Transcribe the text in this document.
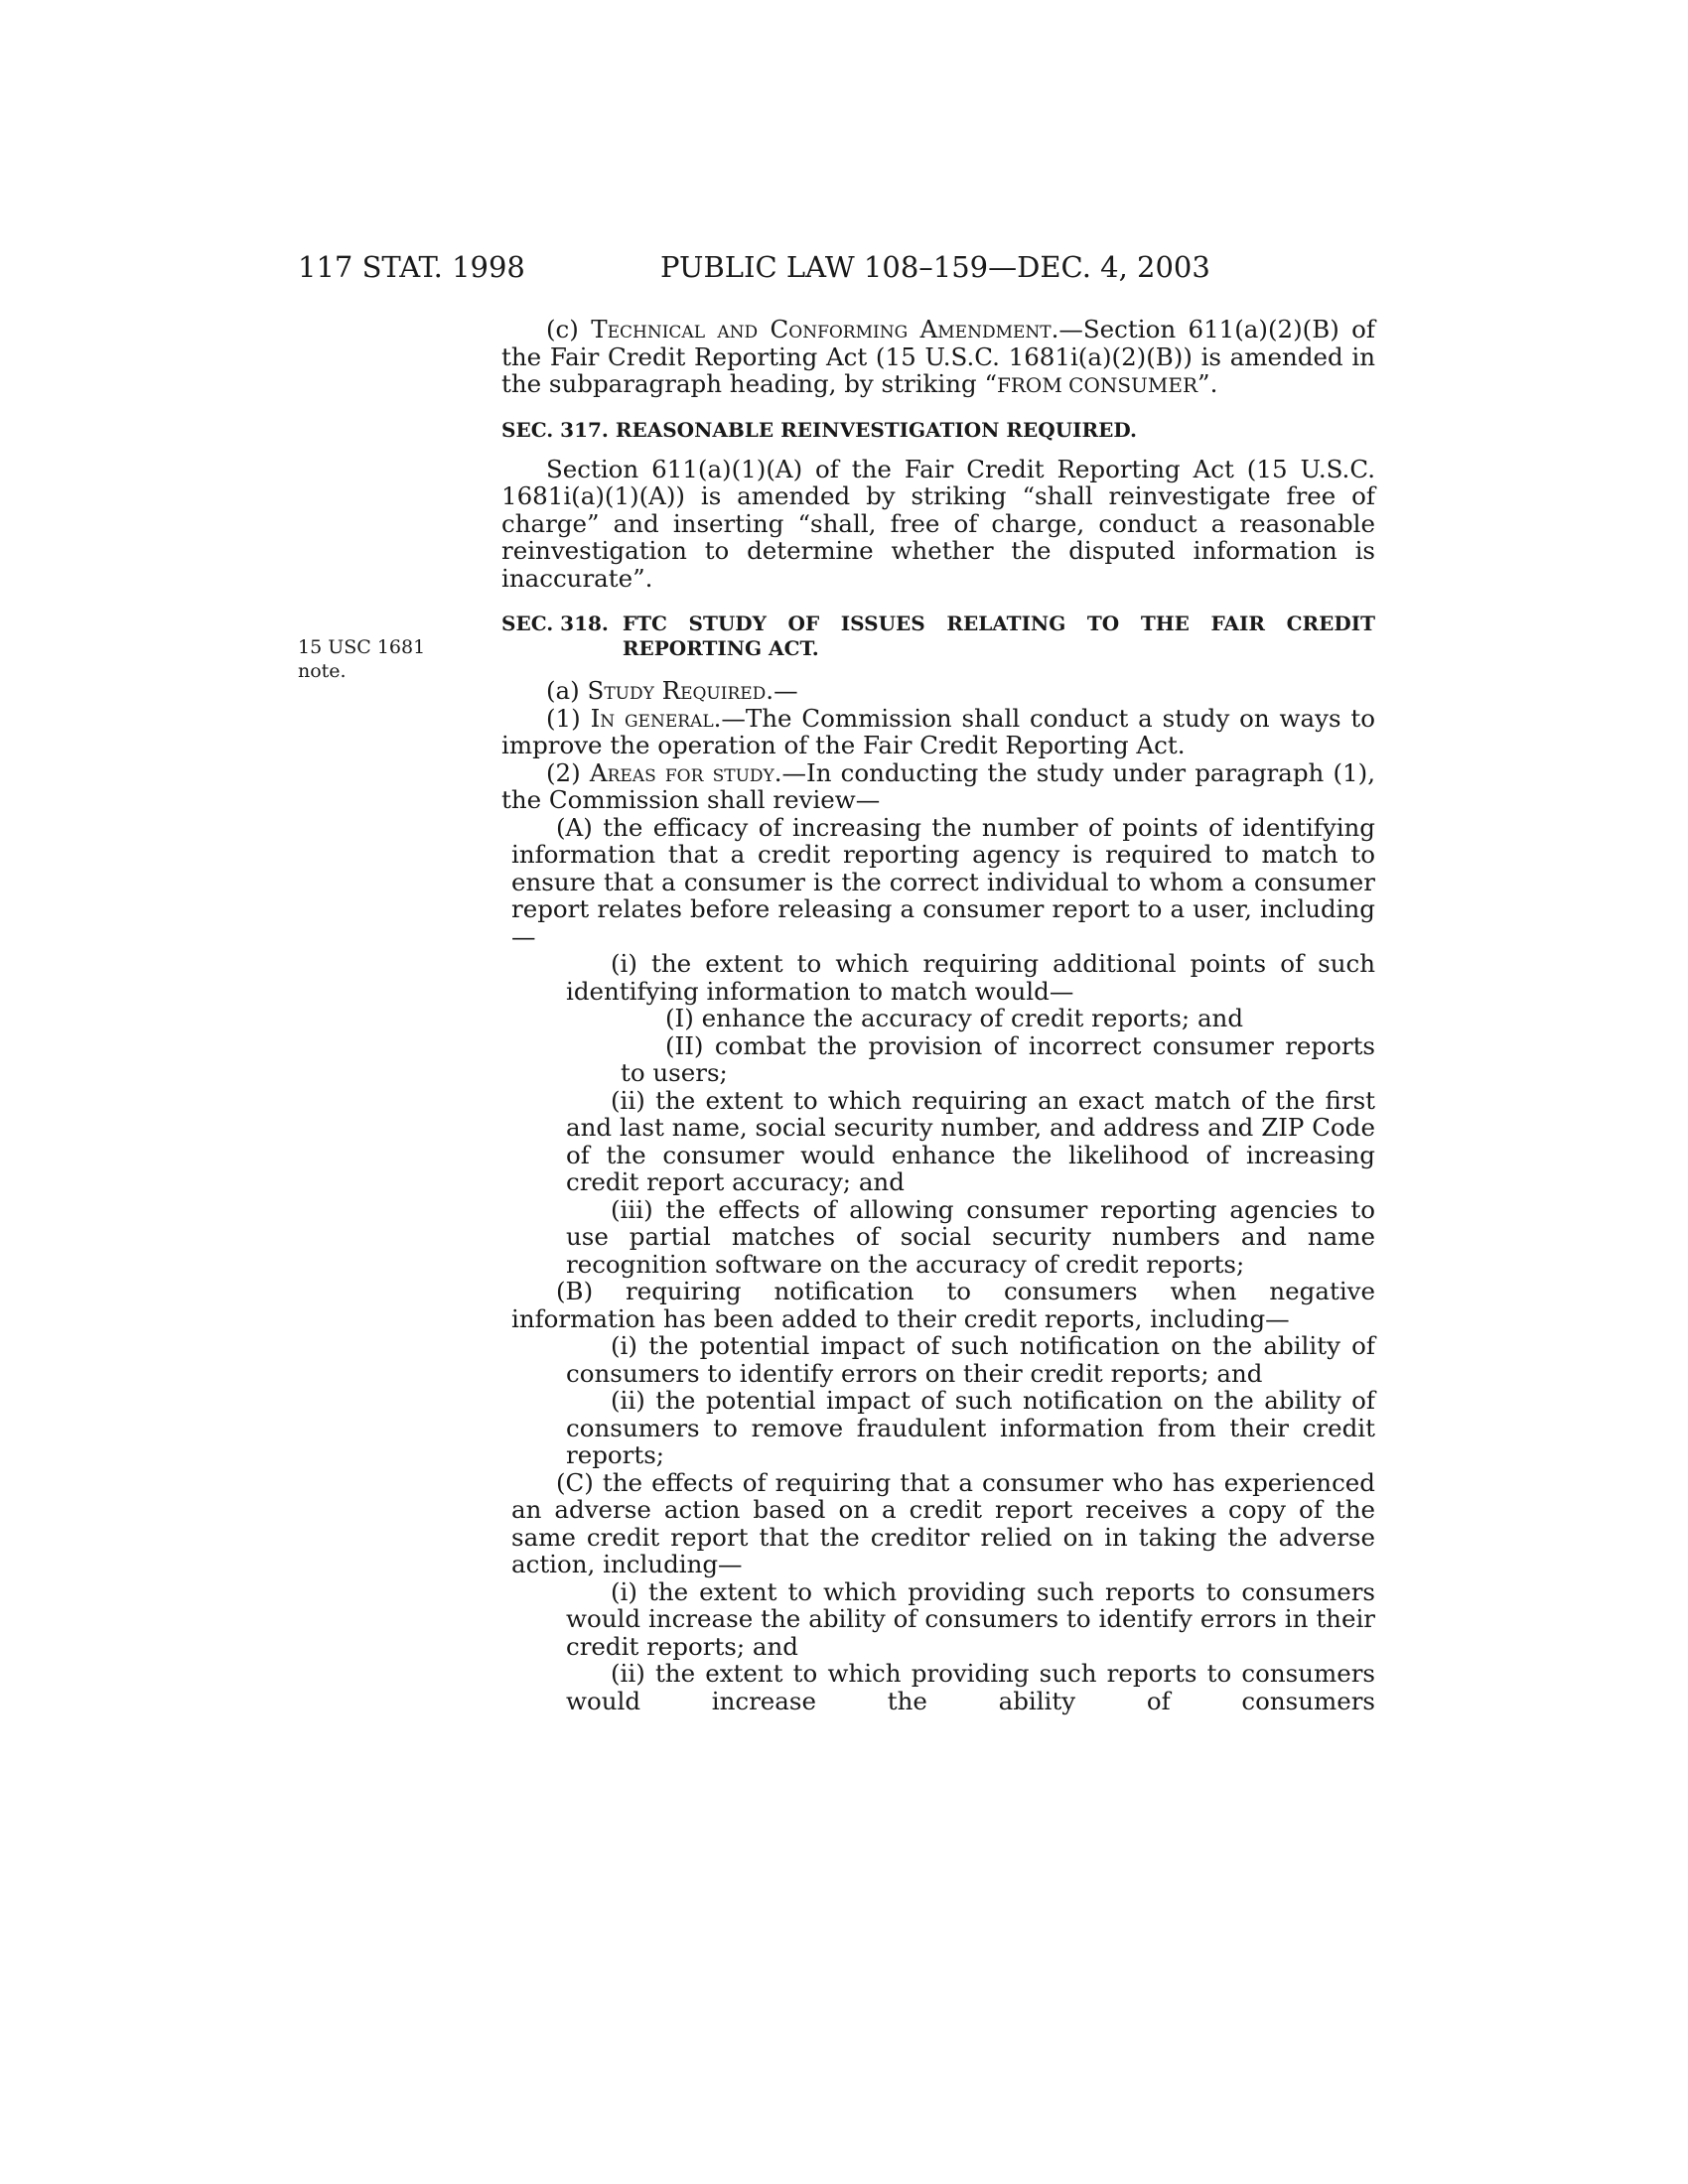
117 STAT. 1998	PUBLIC LAW 108–159—DEC. 4, 2003
15 USC 1681
note.

(c) Technical and Conforming Amendment.—Section 611(a)(2)(B) of the Fair Credit Reporting Act (15 U.S.C. 1681i(a)(2)(B)) is amended in the subparagraph heading, by striking “FROM CONSUMER”.

SEC. 317. REASONABLE REINVESTIGATION REQUIRED.

Section 611(a)(1)(A) of the Fair Credit Reporting Act (15 U.S.C. 1681i(a)(1)(A)) is amended by striking “shall reinvestigate free of charge” and inserting “shall, free of charge, conduct a reasonable reinvestigation to determine whether the disputed information is inaccurate”.

SEC. 318. FTC STUDY OF ISSUES RELATING TO THE FAIR CREDIT REPORTING ACT.

(a) Study Required.—

(1) In general.—The Commission shall conduct a study on ways to improve the operation of the Fair Credit Reporting Act.

(2) Areas for study.—In conducting the study under paragraph (1), the Commission shall review—

(A) the efficacy of increasing the number of points of identifying information that a credit reporting agency is required to match to ensure that a consumer is the correct individual to whom a consumer report relates before releasing a consumer report to a user, including—

(i) the extent to which requiring additional points of such identifying information to match would—

(I) enhance the accuracy of credit reports; and

(II) combat the provision of incorrect consumer reports to users;

(ii) the extent to which requiring an exact match of the first and last name, social security number, and address and ZIP Code of the consumer would enhance the likelihood of increasing credit report accuracy; and

(iii) the effects of allowing consumer reporting agencies to use partial matches of social security numbers and name recognition software on the accuracy of credit reports;

(B) requiring notification to consumers when negative information has been added to their credit reports, including—

(i) the potential impact of such notification on the ability of consumers to identify errors on their credit reports; and

(ii) the potential impact of such notification on the ability of consumers to remove fraudulent information from their credit reports;

(C) the effects of requiring that a consumer who has experienced an adverse action based on a credit report receives a copy of the same credit report that the creditor relied on in taking the adverse action, including—

(i) the extent to which providing such reports to consumers would increase the ability of consumers to identify errors in their credit reports; and

(ii) the extent to which providing such reports to consumers would increase the ability of consumers
